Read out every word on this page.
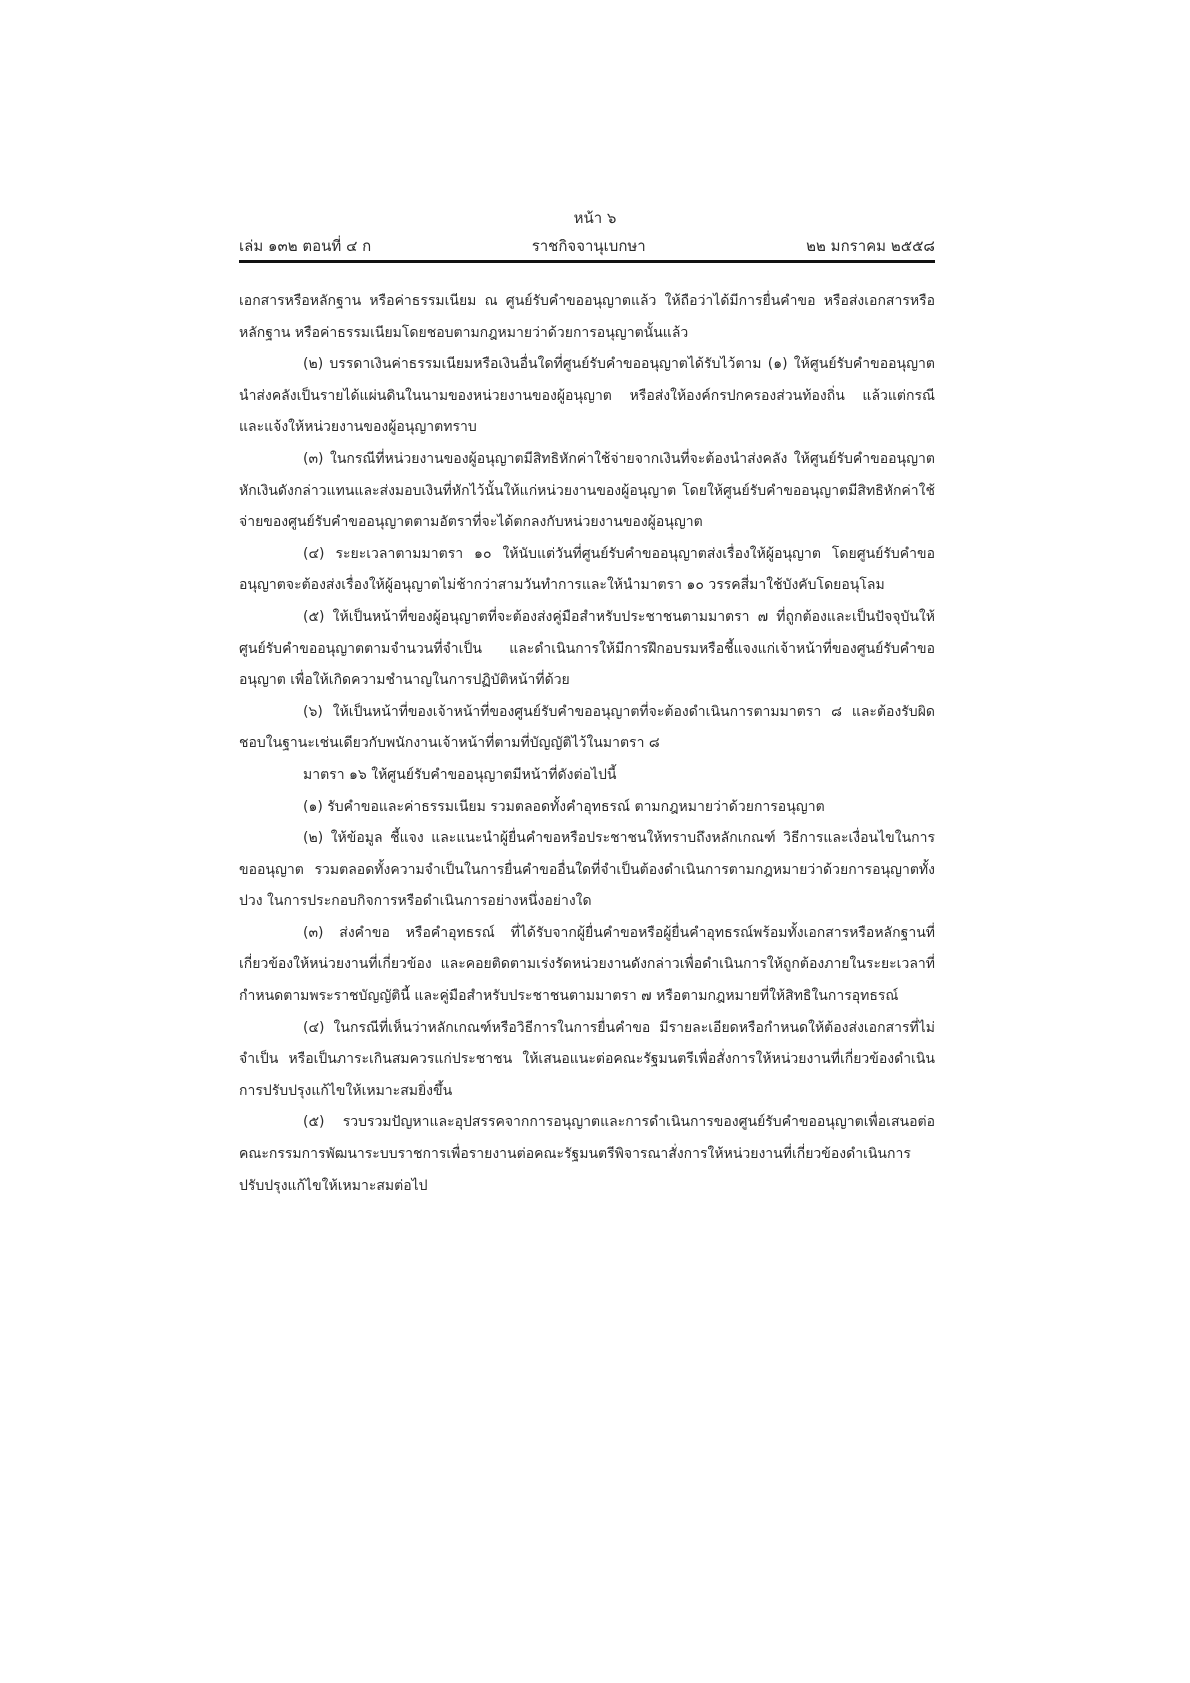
หน้า ๖
เล่ม ๑๓๒ ตอนที่ ๔ ก	ราชกิจจานุเบกษา	๒๒ มกราคม ๒๕๕๘

เอกสารหรือหลักฐาน หรือค่าธรรมเนียม ณ ศูนย์รับคำขออนุญาตแล้ว ให้ถือว่าได้มีการยื่นคำขอ หรือส่งเอกสารหรือหลักฐาน หรือค่าธรรมเนียมโดยชอบตามกฎหมายว่าด้วยการอนุญาตนั้นแล้ว

(๒) บรรดาเงินค่าธรรมเนียมหรือเงินอื่นใดที่ศูนย์รับคำขออนุญาตได้รับไว้ตาม (๑) ให้ศูนย์รับคำขออนุญาตนำส่งคลังเป็นรายได้แผ่นดินในนามของหน่วยงานของผู้อนุญาต หรือส่งให้องค์กรปกครองส่วนท้องถิ่น แล้วแต่กรณี และแจ้งให้หน่วยงานของผู้อนุญาตทราบ

(๓) ในกรณีที่หน่วยงานของผู้อนุญาตมีสิทธิหักค่าใช้จ่ายจากเงินที่จะต้องนำส่งคลัง ให้ศูนย์รับคำขออนุญาตหักเงินดังกล่าวแทนและส่งมอบเงินที่หักไว้นั้นให้แก่หน่วยงานของผู้อนุญาต โดยให้ศูนย์รับคำขออนุญาตมีสิทธิหักค่าใช้จ่ายของศูนย์รับคำขออนุญาตตามอัตราที่จะได้ตกลงกับหน่วยงานของผู้อนุญาต

(๔) ระยะเวลาตามมาตรา ๑๐ ให้นับแต่วันที่ศูนย์รับคำขออนุญาตส่งเรื่องให้ผู้อนุญาต โดยศูนย์รับคำขออนุญาตจะต้องส่งเรื่องให้ผู้อนุญาตไม่ช้ากว่าสามวันทำการและให้นำมาตรา ๑๐ วรรคสี่มาใช้บังคับโดยอนุโลม

(๕) ให้เป็นหน้าที่ของผู้อนุญาตที่จะต้องส่งคู่มือสำหรับประชาชนตามมาตรา ๗ ที่ถูกต้องและเป็นปัจจุบันให้ศูนย์รับคำขออนุญาตตามจำนวนที่จำเป็น และดำเนินการให้มีการฝึกอบรมหรือชี้แจงแก่เจ้าหน้าที่ของศูนย์รับคำขออนุญาต เพื่อให้เกิดความชำนาญในการปฏิบัติหน้าที่ด้วย

(๖) ให้เป็นหน้าที่ของเจ้าหน้าที่ของศูนย์รับคำขออนุญาตที่จะต้องดำเนินการตามมาตรา ๘ และต้องรับผิดชอบในฐานะเช่นเดียวกับพนักงานเจ้าหน้าที่ตามที่บัญญัติไว้ในมาตรา ๘

มาตรา ๑๖ ให้ศูนย์รับคำขออนุญาตมีหน้าที่ดังต่อไปนี้

(๑) รับคำขอและค่าธรรมเนียม รวมตลอดทั้งคำอุทธรณ์ ตามกฎหมายว่าด้วยการอนุญาต

(๒) ให้ข้อมูล ชี้แจง และแนะนำผู้ยื่นคำขอหรือประชาชนให้ทราบถึงหลักเกณฑ์ วิธีการและเงื่อนไขในการขออนุญาต รวมตลอดทั้งความจำเป็นในการยื่นคำขออื่นใดที่จำเป็นต้องดำเนินการตามกฎหมายว่าด้วยการอนุญาตทั้งปวง ในการประกอบกิจการหรือดำเนินการอย่างหนึ่งอย่างใด

(๓) ส่งคำขอ หรือคำอุทธรณ์ ที่ได้รับจากผู้ยื่นคำขอหรือผู้ยื่นคำอุทธรณ์พร้อมทั้งเอกสารหรือหลักฐานที่เกี่ยวข้องให้หน่วยงานที่เกี่ยวข้อง และคอยติดตามเร่งรัดหน่วยงานดังกล่าวเพื่อดำเนินการให้ถูกต้องภายในระยะเวลาที่กำหนดตามพระราชบัญญัตินี้ และคู่มือสำหรับประชาชนตามมาตรา ๗ หรือตามกฎหมายที่ให้สิทธิในการอุทธรณ์

(๔) ในกรณีที่เห็นว่าหลักเกณฑ์หรือวิธีการในการยื่นคำขอ มีรายละเอียดหรือกำหนดให้ต้องส่งเอกสารที่ไม่จำเป็น หรือเป็นภาระเกินสมควรแก่ประชาชน ให้เสนอแนะต่อคณะรัฐมนตรีเพื่อสั่งการให้หน่วยงานที่เกี่ยวข้องดำเนินการปรับปรุงแก้ไขให้เหมาะสมยิ่งขึ้น

(๕) รวบรวมปัญหาและอุปสรรคจากการอนุญาตและการดำเนินการของศูนย์รับคำขออนุญาตเพื่อเสนอต่อคณะกรรมการพัฒนาระบบราชการเพื่อรายงานต่อคณะรัฐมนตรีพิจารณาสั่งการให้หน่วยงานที่เกี่ยวข้องดำเนินการปรับปรุงแก้ไขให้เหมาะสมต่อไป
